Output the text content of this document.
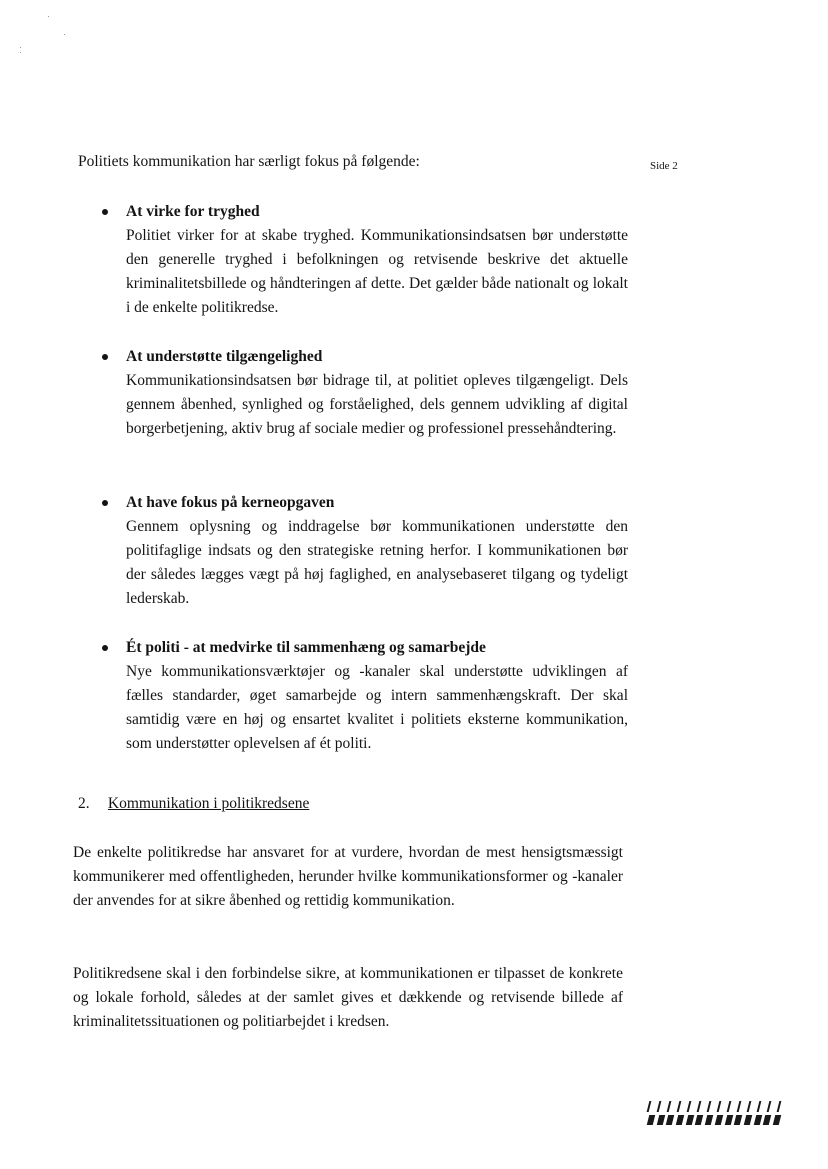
Side 2
Politiets kommunikation har særligt fokus på følgende:
At virke for tryghed
Politiet virker for at skabe tryghed. Kommunikationsindsatsen bør understøtte den generelle tryghed i befolkningen og retvisende beskrive det aktuelle kriminalitetsbillede og håndteringen af dette. Det gælder både nationalt og lokalt i de enkelte politikredse.
At understøtte tilgængelighed
Kommunikationsindsatsen bør bidrage til, at politiet opleves tilgængeligt. Dels gennem åbenhed, synlighed og forståelighed, dels gennem udvikling af digital borgerbetjening, aktiv brug af sociale medier og professionel pressehåndtering.
At have fokus på kerneopgaven
Gennem oplysning og inddragelse bør kommunikationen understøtte den politifaglige indsats og den strategiske retning herfor. I kommunikationen bør der således lægges vægt på høj faglighed, en analysebaseret tilgang og tydeligt lederskab.
Ét politi - at medvirke til sammenhæng og samarbejde
Nye kommunikationsværktøjer og -kanaler skal understøtte udviklingen af fælles standarder, øget samarbejde og intern sammenhængskraft. Der skal samtidig være en høj og ensartet kvalitet i politiets eksterne kommunikation, som understøtter oplevelsen af ét politi.
2. Kommunikation i politikredsene
De enkelte politikredse har ansvaret for at vurdere, hvordan de mest hensigtsmæssigt kommunikerer med offentligheden, herunder hvilke kommunikationsformer og -kanaler der anvendes for at sikre åbenhed og rettidig kommunikation.
Politikredsene skal i den forbindelse sikre, at kommunikationen er tilpasset de konkrete og lokale forhold, således at der samlet gives et dækkende og retvisende billede af kriminalitetssituationen og politiarbejdet i kredsen.
